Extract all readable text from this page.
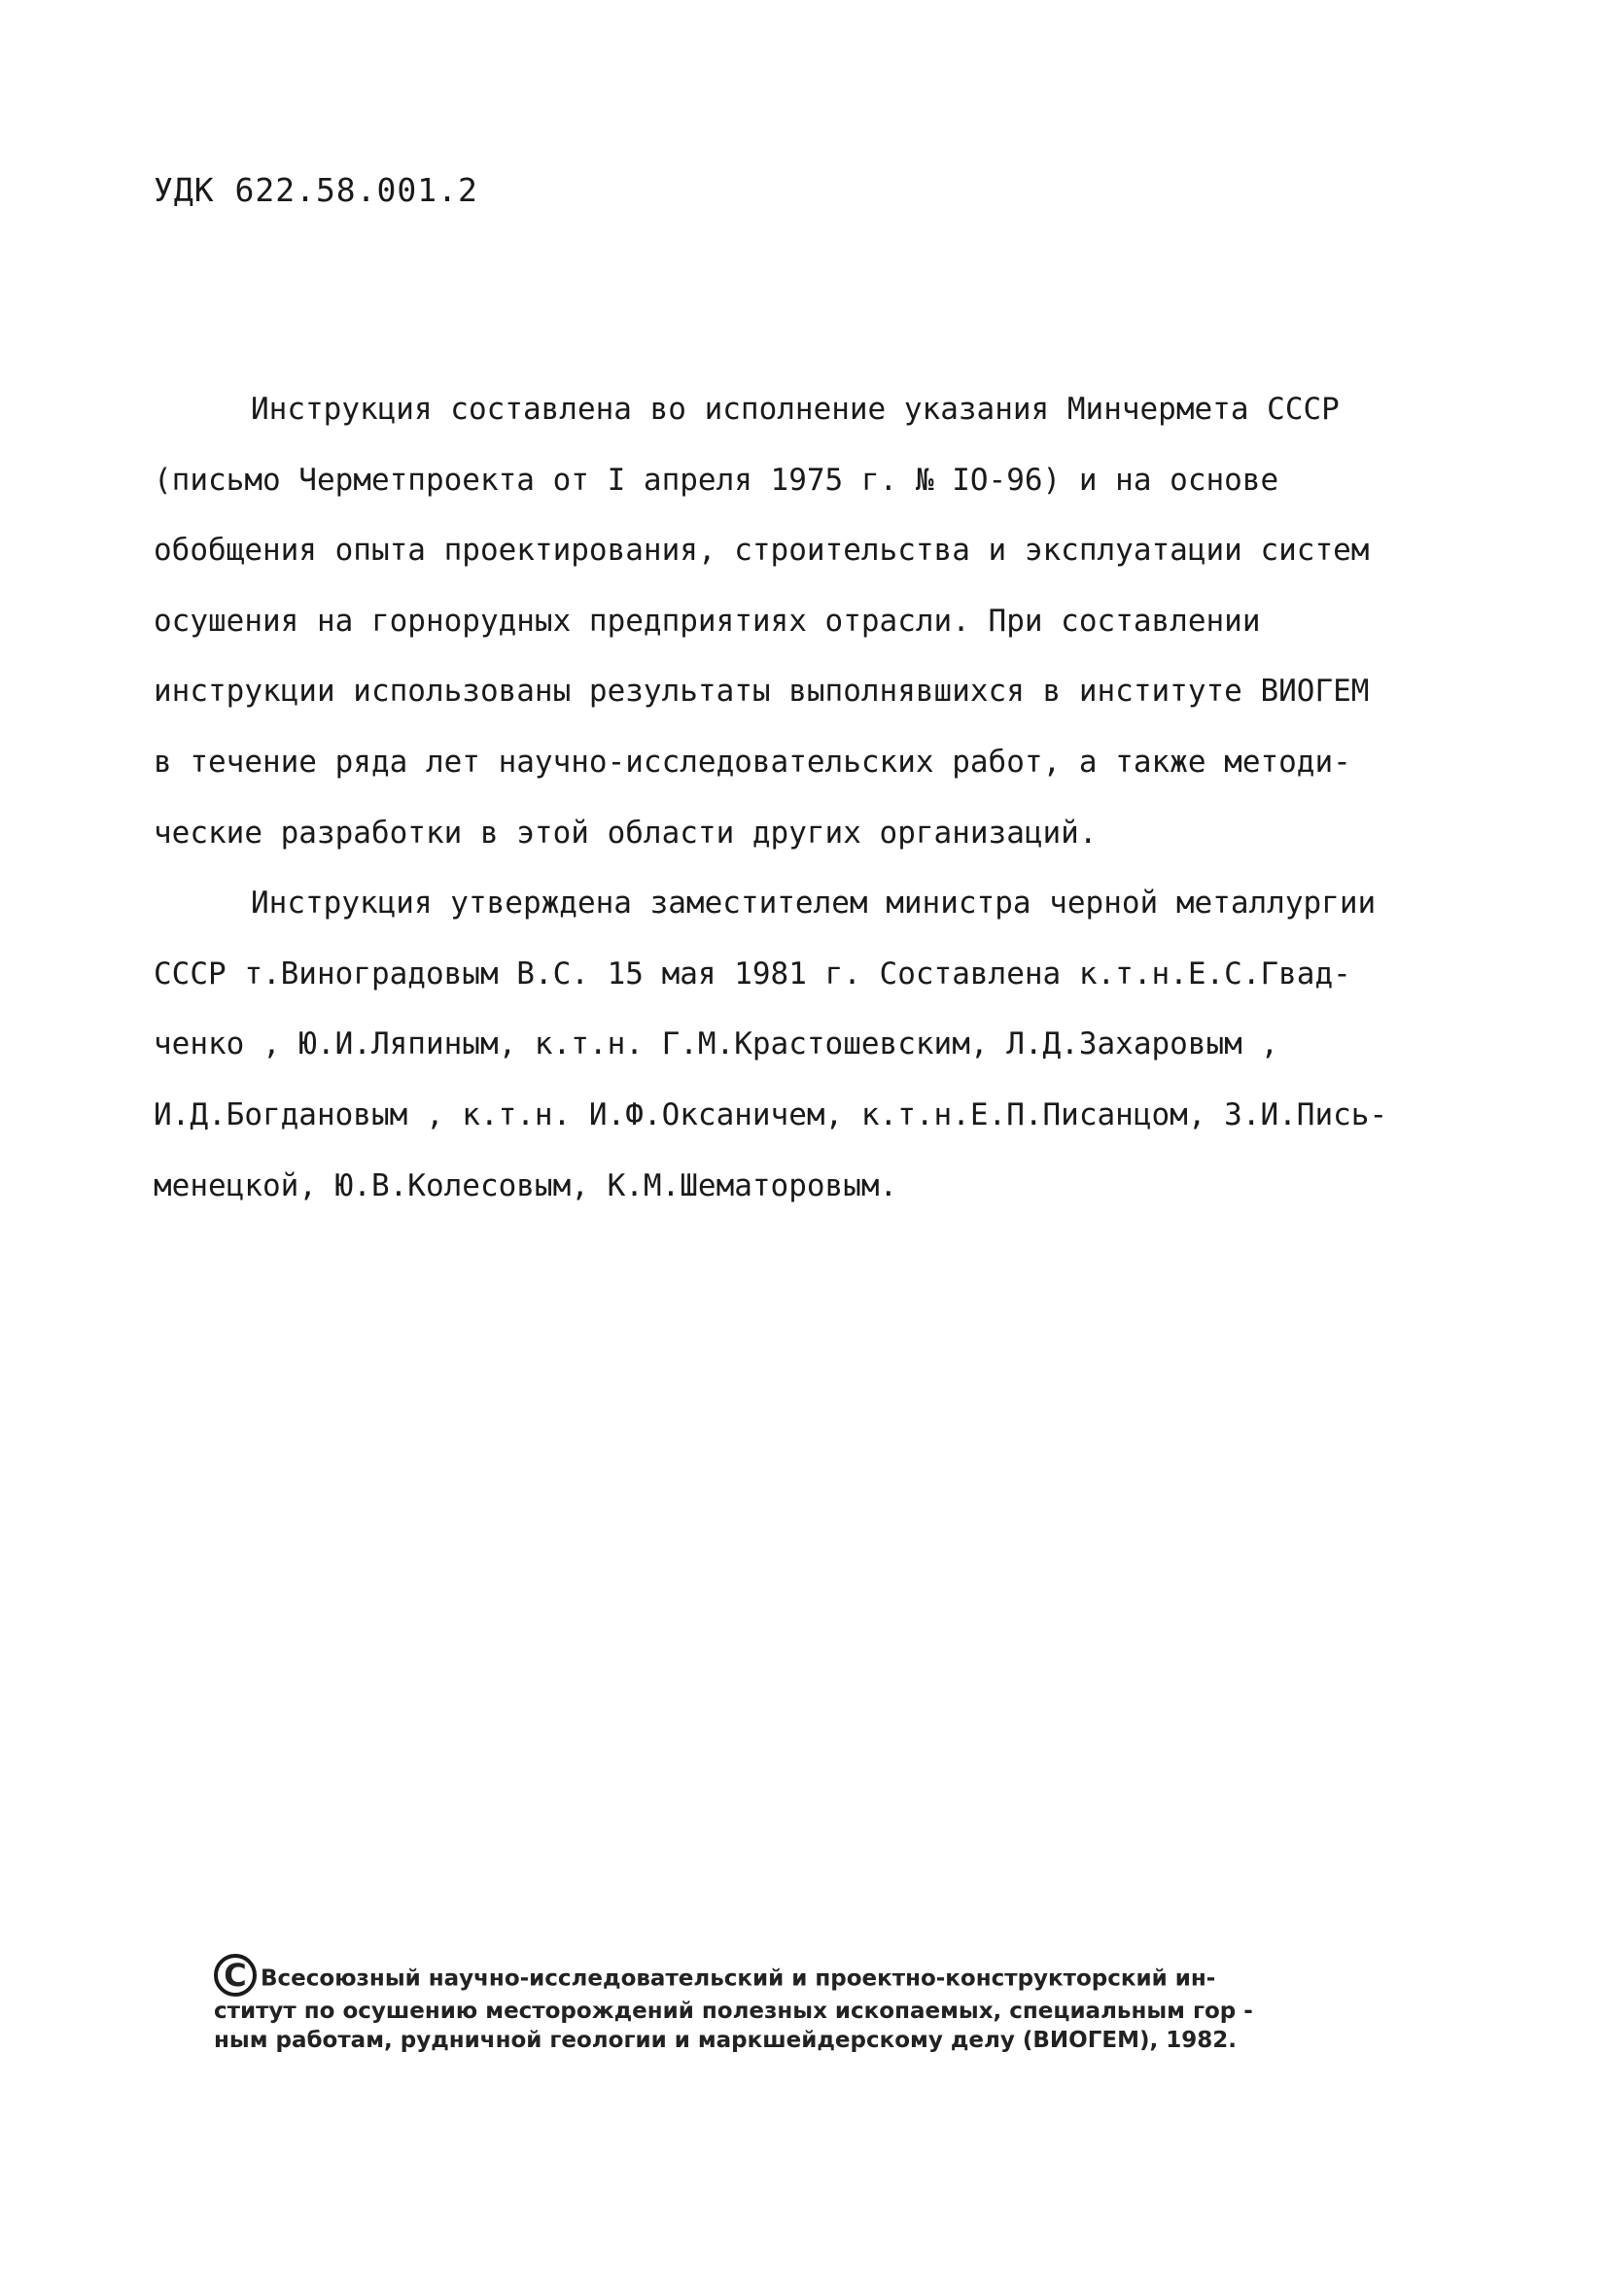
УДК 622.58.001.2
Инструкция составлена во исполнение указания Минчермета СССР
(письмо Черметпроекта от I апреля 1975 г. № IO-96) и на основе
обобщения опыта проектирования, строительства и эксплуатации систем
осушения на горнорудных предприятиях отрасли. При составлении
инструкции использованы результаты выполнявшихся в институте ВИОГЕМ
в течение ряда лет научно-исследовательских работ, а также методи-
ческие разработки в этой области других организаций.
Инструкция утверждена заместителем министра черной металлургии
СССР т.Виноградовым В.С. 15 мая 1981 г. Составлена к.т.н.Е.С.Гвад-
ченко , Ю.И.Ляпиным, к.т.н. Г.М.Крастошевским, Л.Д.Захаровым ,
И.Д.Богдановым , к.т.н. И.Ф.Оксаничем, к.т.н.Е.П.Писанцом, З.И.Пись-
менецкой, Ю.В.Колесовым, К.М.Шематоровым.
C Всесоюзный научно-исследовательский и проектно-конструкторский ин-
ститут по осушению месторождений полезных ископаемых, специальным гор -
ным работам, рудничной геологии и маркшейдерскому делу (ВИОГЕМ), 1982.
